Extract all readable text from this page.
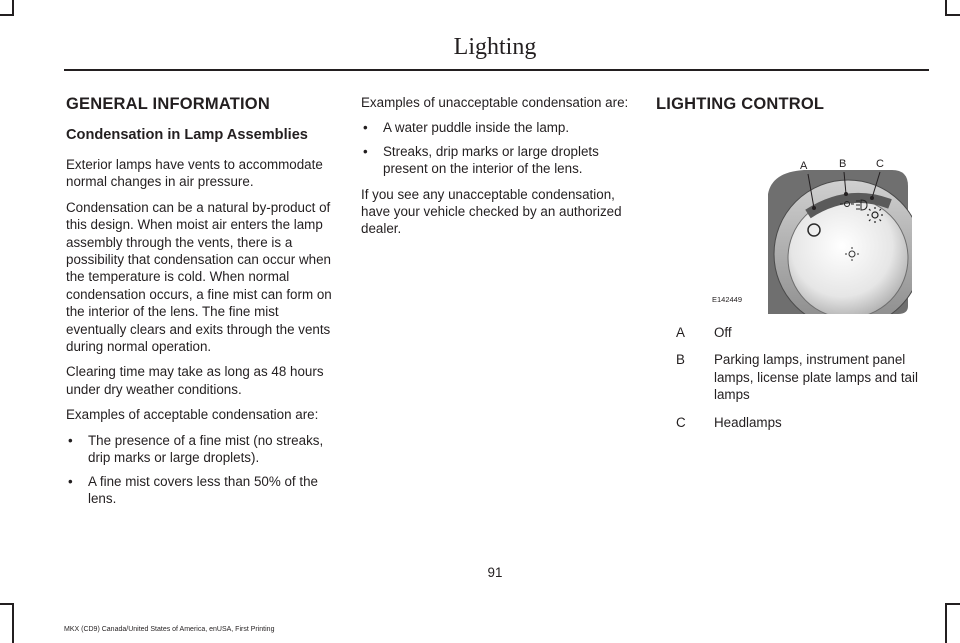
Lighting
GENERAL INFORMATION
Condensation in Lamp Assemblies

Exterior lamps have vents to accommodate normal changes in air pressure.

Condensation can be a natural by-product of this design. When moist air enters the lamp assembly through the vents, there is a possibility that condensation can occur when the temperature is cold. When normal condensation occurs, a fine mist can form on the interior of the lens. The fine mist eventually clears and exits through the vents during normal operation.

Clearing time may take as long as 48 hours under dry weather conditions.

Examples of acceptable condensation are:

• The presence of a fine mist (no streaks, drip marks or large droplets).
• A fine mist covers less than 50% of the lens.

Examples of unacceptable condensation are:

• A water puddle inside the lamp.
• Streaks, drip marks or large droplets present on the interior of the lens.

If you see any unacceptable condensation, have your vehicle checked by an authorized dealer.

LIGHTING CONTROL
A	B	C
E142449
A	Off
B	Parking lamps, instrument panel lamps, license plate lamps and tail lamps
C	Headlamps
91
MKX (CD9) Canada/United States of America, enUSA, First Printing
